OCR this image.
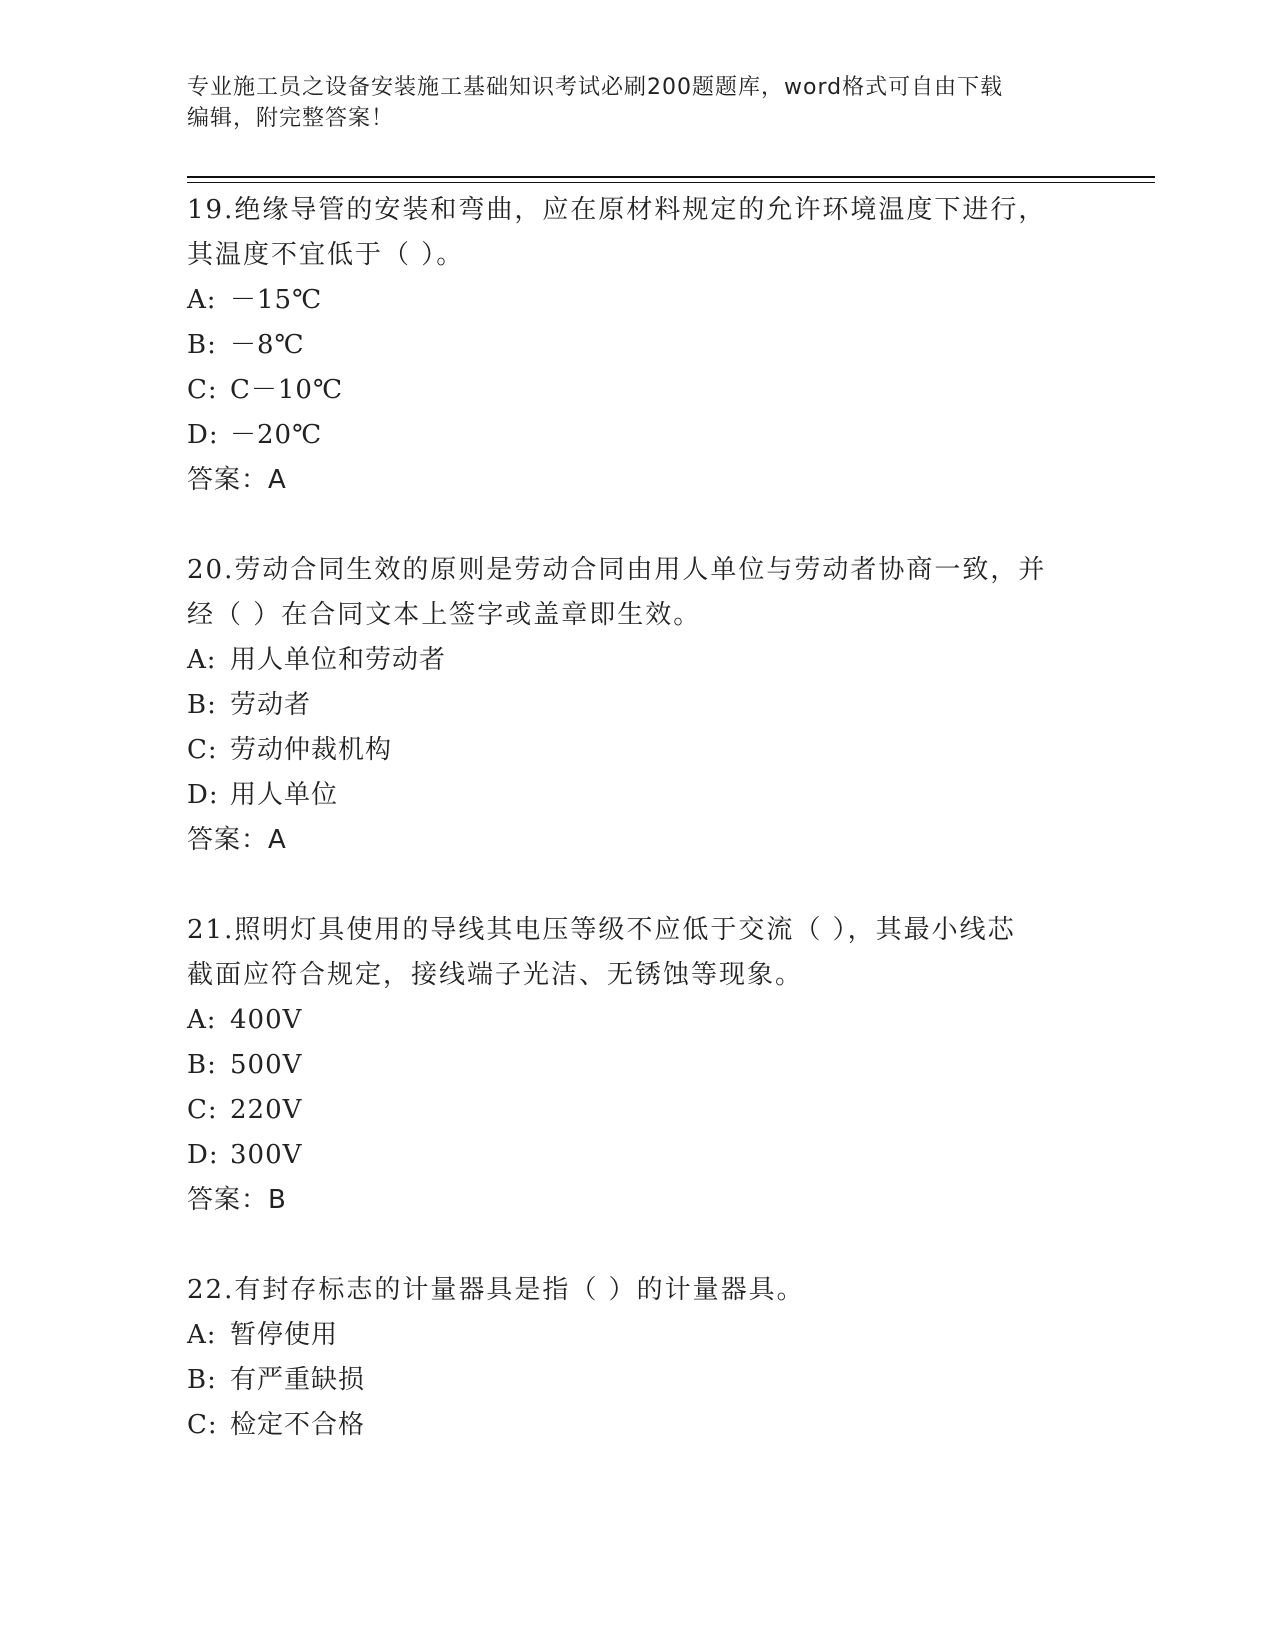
专业施工员之设备安装施工基础知识考试必刷200题题库，word格式可自由下载
编辑，附完整答案！
19.绝缘导管的安装和弯曲，应在原材料规定的允许环境温度下进行，
其温度不宜低于（ ）。
A: －15℃
B: －8℃
C: C－10℃
D: －20℃
答案：A
20.劳动合同生效的原则是劳动合同由用人单位与劳动者协商一致，并
经（ ）在合同文本上签字或盖章即生效。
A: 用人单位和劳动者
B: 劳动者
C: 劳动仲裁机构
D: 用人单位
答案：A
21.照明灯具使用的导线其电压等级不应低于交流（ ），其最小线芯
截面应符合规定，接线端子光洁、无锈蚀等现象。
A: 400V
B: 500V
C: 220V
D: 300V
答案：B
22.有封存标志的计量器具是指（ ）的计量器具。
A: 暂停使用
B: 有严重缺损
C: 检定不合格
